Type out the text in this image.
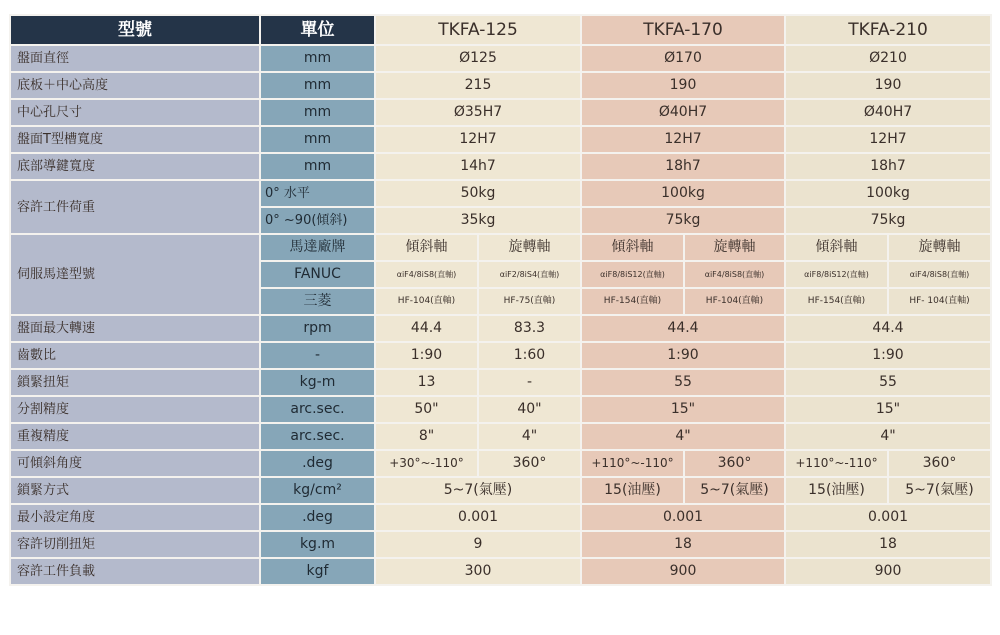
型號	單位	TKFA-125		TKFA-170		TKFA-210	
盤面直徑	mm	Ø125		Ø170		Ø210	
底板＋中心高度	mm	215		190		190	
中心孔尺寸	mm	Ø35H7		Ø40H7		Ø40H7	
盤面T型槽寬度	mm	12H7		12H7		12H7	
底部導鍵寬度	mm	14h7		18h7		18h7	
容許工件荷重	0° 水平	50kg		100kg		100kg	
	0° ~90(傾斜)	35kg		75kg		75kg	
伺服馬達型號	馬達廠牌	傾斜軸	旋轉軸	傾斜軸	旋轉軸	傾斜軸	旋轉軸
	FANUC	αiF4/8iS8(直軸)	αiF2/8iS4(直軸)	αiF8/8iS12(直軸)	αiF4/8iS8(直軸)	αiF8/8iS12(直軸)	αiF4/8iS8(直軸)
	三菱	HF-104(直軸)	HF-75(直軸)	HF-154(直軸)	HF-104(直軸)	HF-154(直軸)	HF- 104(直軸)
盤面最大轉速	rpm	44.4	83.3	44.4		44.4	
齒數比	-	1:90	1:60	1:90		1:90	
鎖緊扭矩	kg-m	13	-	55		55	
分割精度	arc.sec.	50"	40"	15"		15"	
重複精度	arc.sec.	8"	4"	4"		4"	
可傾斜角度	.deg	+30°~-110°	360°	+110°~-110°	360°	+110°~-110°	360°
鎖緊方式	kg/cm²	5~7(氣壓)		15(油壓)	5~7(氣壓)	15(油壓)	5~7(氣壓)
最小設定角度	.deg	0.001		0.001		0.001	
容許切削扭矩	kg.m	9		18		18	
容許工件負載	kgf	300		900		900	
